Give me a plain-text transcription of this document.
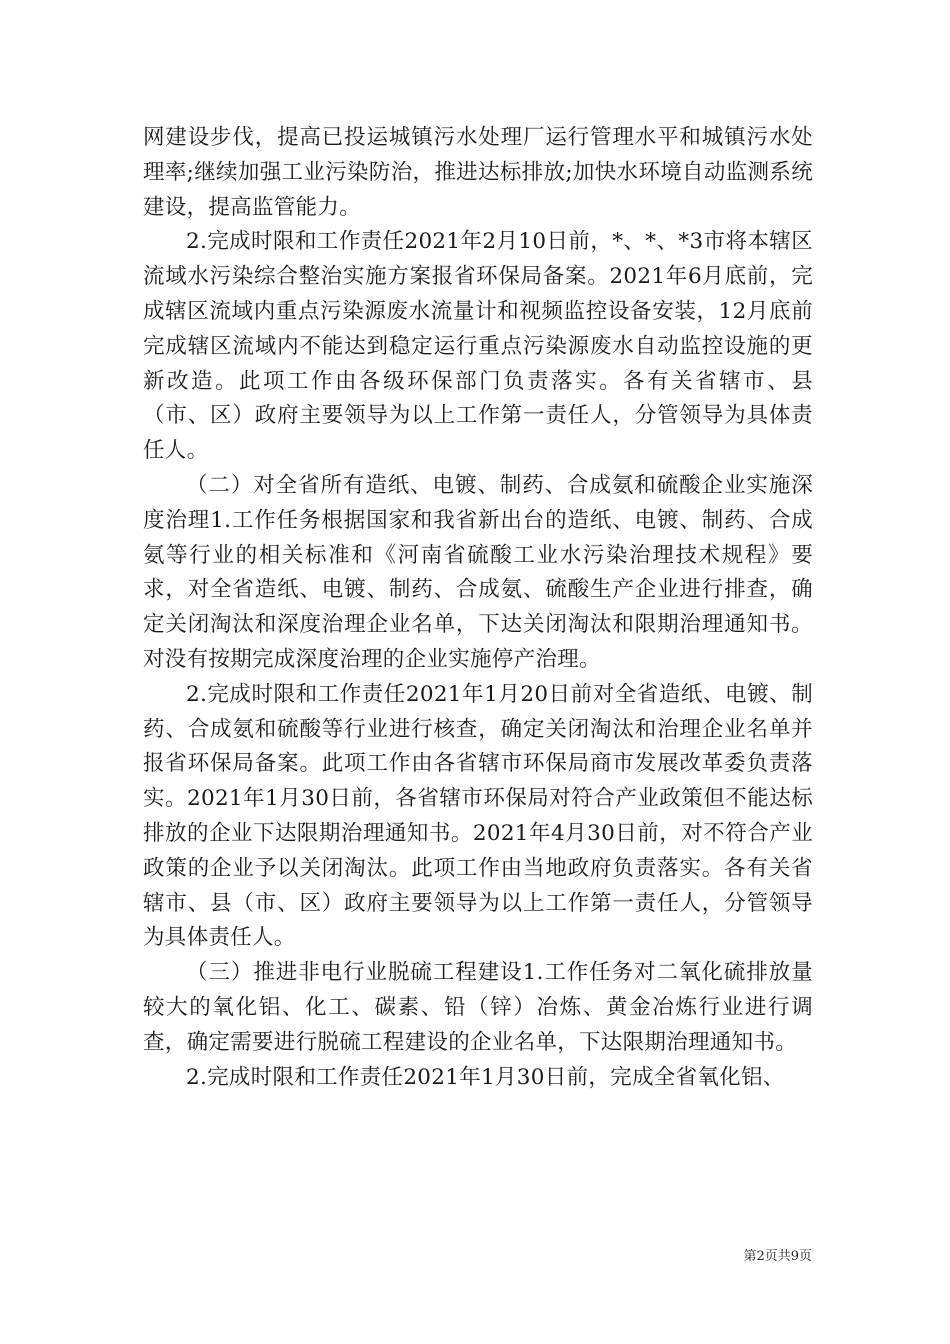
网建设步伐，提高已投运城镇污水处理厂运行管理水平和城镇污水处理率;继续加强工业污染防治，推进达标排放;加快水环境自动监测系统建设，提高监管能力。

2.完成时限和工作责任2021年2月10日前，*、*、*3市将本辖区流域水污染综合整治实施方案报省环保局备案。2021年6月底前，完成辖区流域内重点污染源废水流量计和视频监控设备安装，12月底前完成辖区流域内不能达到稳定运行重点污染源废水自动监控设施的更新改造。此项工作由各级环保部门负责落实。各有关省辖市、县（市、区）政府主要领导为以上工作第一责任人，分管领导为具体责任人。

（二）对全省所有造纸、电镀、制药、合成氨和硫酸企业实施深度治理1.工作任务根据国家和我省新出台的造纸、电镀、制药、合成氨等行业的相关标准和《河南省硫酸工业水污染治理技术规程》要求，对全省造纸、电镀、制药、合成氨、硫酸生产企业进行排查，确定关闭淘汰和深度治理企业名单，下达关闭淘汰和限期治理通知书。对没有按期完成深度治理的企业实施停产治理。

2.完成时限和工作责任2021年1月20日前对全省造纸、电镀、制药、合成氨和硫酸等行业进行核查，确定关闭淘汰和治理企业名单并报省环保局备案。此项工作由各省辖市环保局商市发展改革委负责落实。2021年1月30日前，各省辖市环保局对符合产业政策但不能达标排放的企业下达限期治理通知书。2021年4月30日前，对不符合产业政策的企业予以关闭淘汰。此项工作由当地政府负责落实。各有关省辖市、县（市、区）政府主要领导为以上工作第一责任人，分管领导为具体责任人。

（三）推进非电行业脱硫工程建设1.工作任务对二氧化硫排放量较大的氧化铝、化工、碳素、铅（锌）冶炼、黄金冶炼行业进行调查，确定需要进行脱硫工程建设的企业名单，下达限期治理通知书。

2.完成时限和工作责任2021年1月30日前，完成全省氧化铝、

第2页共9页
